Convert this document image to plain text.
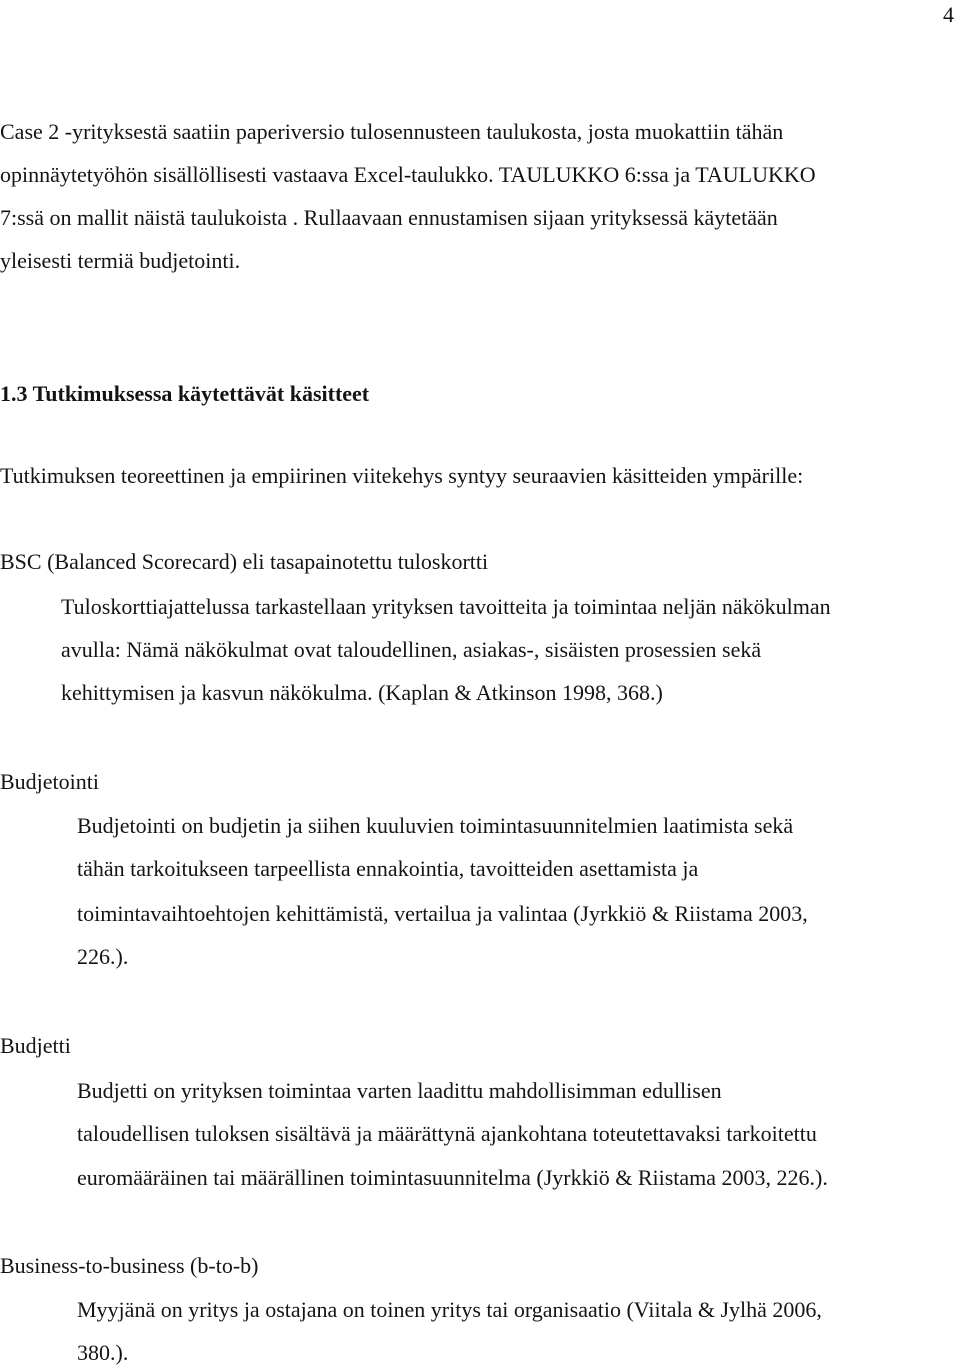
4
Case 2 -yrityksestä saatiin paperiversio tulosennusteen taulukosta, josta muokattiin tähän
opinnäytetyöhön sisällöllisesti vastaava Excel-taulukko. TAULUKKO 6:ssa ja TAULUKKO
7:ssä on mallit näistä taulukoista . Rullaavaan ennustamisen sijaan yrityksessä käytetään
yleisesti termiä budjetointi.
1.3 Tutkimuksessa käytettävät käsitteet
Tutkimuksen teoreettinen ja empiirinen viitekehys syntyy seuraavien käsitteiden ympärille:
BSC (Balanced Scorecard) eli tasapainotettu tuloskortti
Tuloskorttiajattelussa tarkastellaan yrityksen tavoitteita ja toimintaa neljän näkökulman
avulla: Nämä näkökulmat ovat taloudellinen, asiakas-, sisäisten prosessien sekä
kehittymisen ja kasvun näkökulma. (Kaplan & Atkinson 1998, 368.)
Budjetointi
Budjetointi on budjetin ja siihen kuuluvien toimintasuunnitelmien laatimista sekä
tähän tarkoitukseen tarpeellista ennakointia, tavoitteiden asettamista ja
toimintavaihtoehtojen kehittämistä, vertailua ja valintaa (Jyrkkiö & Riistama 2003,
226.).
Budjetti
Budjetti on yrityksen toimintaa varten laadittu mahdollisimman edullisen
taloudellisen tuloksen sisältävä ja määrättynä ajankohtana toteutettavaksi tarkoitettu
euromääräinen tai määrällinen toimintasuunnitelma (Jyrkkiö & Riistama 2003, 226.).
Business-to-business (b-to-b)
Myyjänä on yritys ja ostajana on toinen yritys tai organisaatio (Viitala & Jylhä 2006,
380.).
